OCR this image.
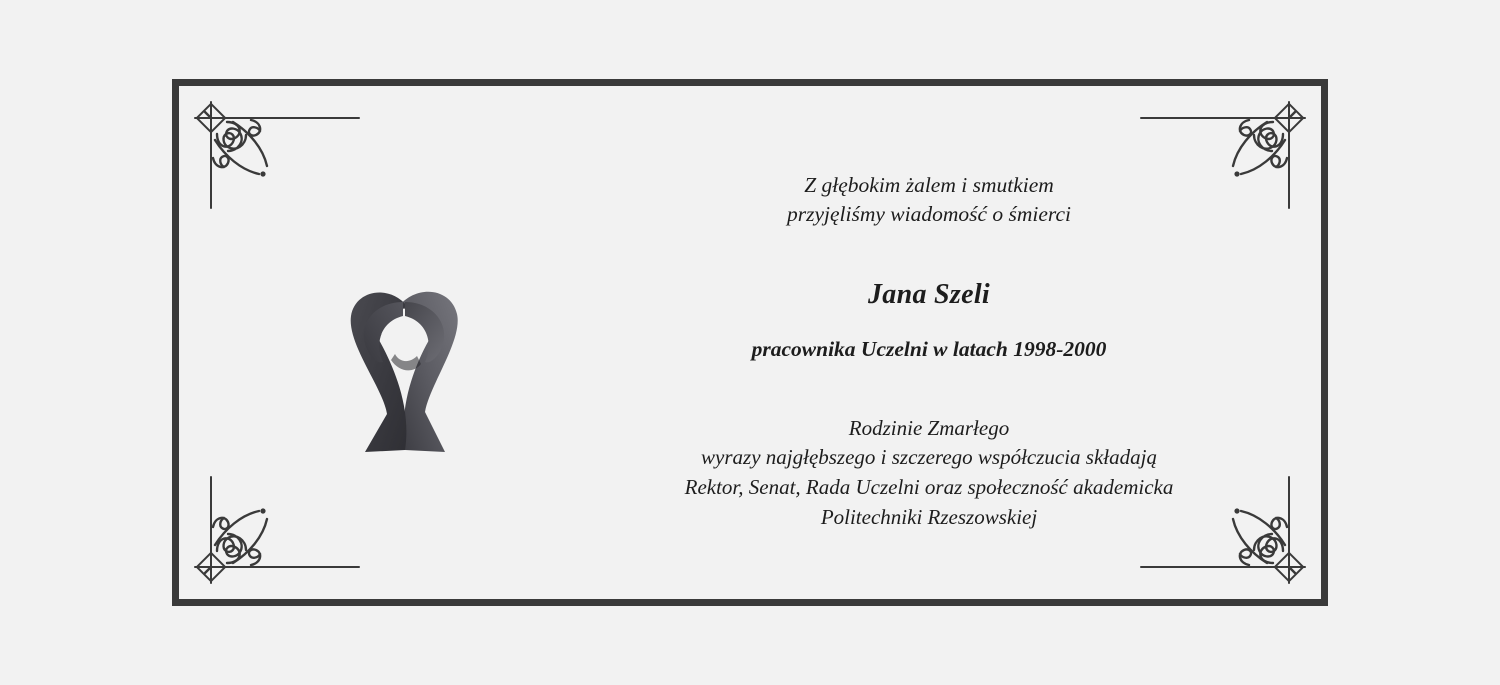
Z głębokim żalem i smutkiem
przyjęliśmy wiadomość o śmierci

Jana Szeli

pracownika Uczelni w latach 1998-2000

Rodzinie Zmarłego
wyrazy najgłębszego i szczerego współczucia składają
Rektor, Senat, Rada Uczelni oraz społeczność akademicka
Politechniki Rzeszowskiej
